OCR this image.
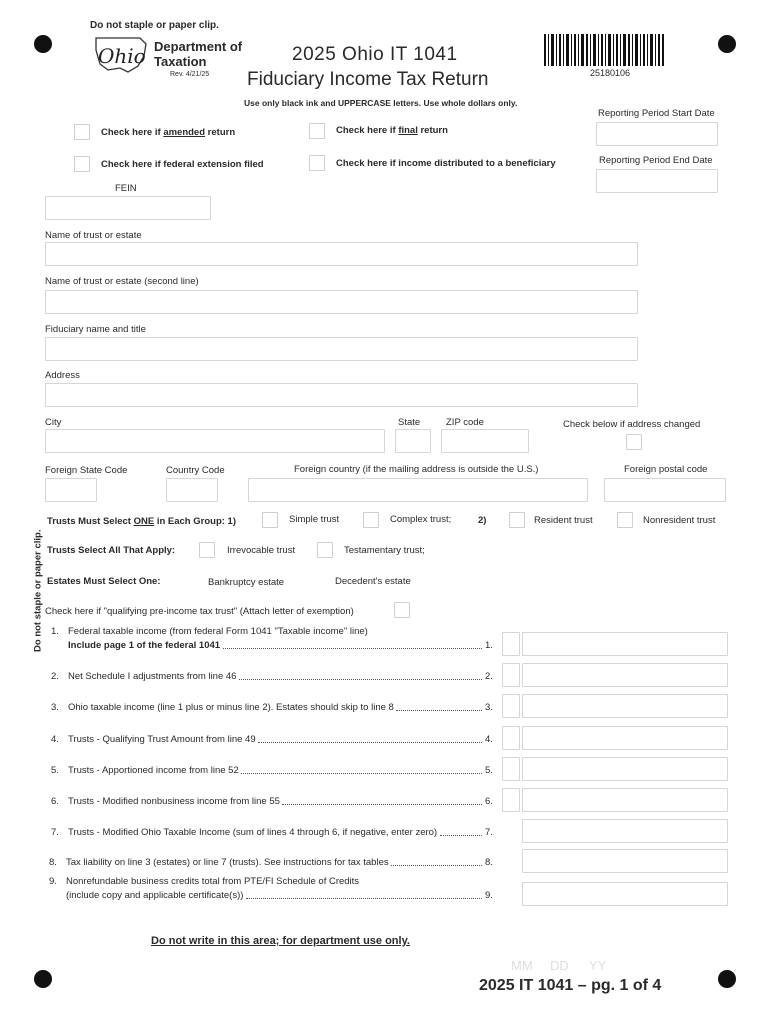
Do not staple or paper clip.
Ohio Department of
Taxation
Rev. 4/21/25
2025 Ohio IT 1041
Fiduciary Income Tax Return	25180106
Use only black ink and UPPERCASE letters. Use whole dollars only.
Check here if amended return	Check here if final return
Check here if federal extension filed	Check here if income distributed to a beneficiary
Reporting Period Start Date
Reporting Period End Date
FEIN
Name of trust or estate
Name of trust or estate (second line)
Fiduciary name and title
Address
City	State	ZIP code	Check below if address changed
Foreign State Code	Country Code	Foreign country (if the mailing address is outside the U.S.)	Foreign postal code
Do not staple or paper clip.
Trusts Must Select ONE in Each Group: 1)	Simple trust	Complex trust;	2)	Resident trust	Nonresident trust
Trusts Select All That Apply:	Irrevocable trust	Testamentary trust;
Estates Must Select One:	Bankruptcy estate	Decedent's estate
Check here if "qualifying pre-income tax trust" (Attach letter of exemption)
1. Federal taxable income (from federal Form 1041 "Taxable income" line)
Include page 1 of the federal 1041	1.
2. Net Schedule I adjustments from line 46	2.
3. Ohio taxable income (line 1 plus or minus line 2). Estates should skip to line 8	3.
4. Trusts - Qualifying Trust Amount from line 49	4.
5. Trusts - Apportioned income from line 52	5.
6. Trusts - Modified nonbusiness income from line 55	6.
7. Trusts - Modified Ohio Taxable Income (sum of lines 4 through 6, if negative, enter zero)	7.
8. Tax liability on line 3 (estates) or line 7 (trusts). See instructions for tax tables	8.
9. Nonrefundable business credits total from PTE/FI Schedule of Credits
(include copy and applicable certificate(s))	9.
Do not write in this area; for department use only.
MM DD YY
2025 IT 1041 – pg. 1 of 4
